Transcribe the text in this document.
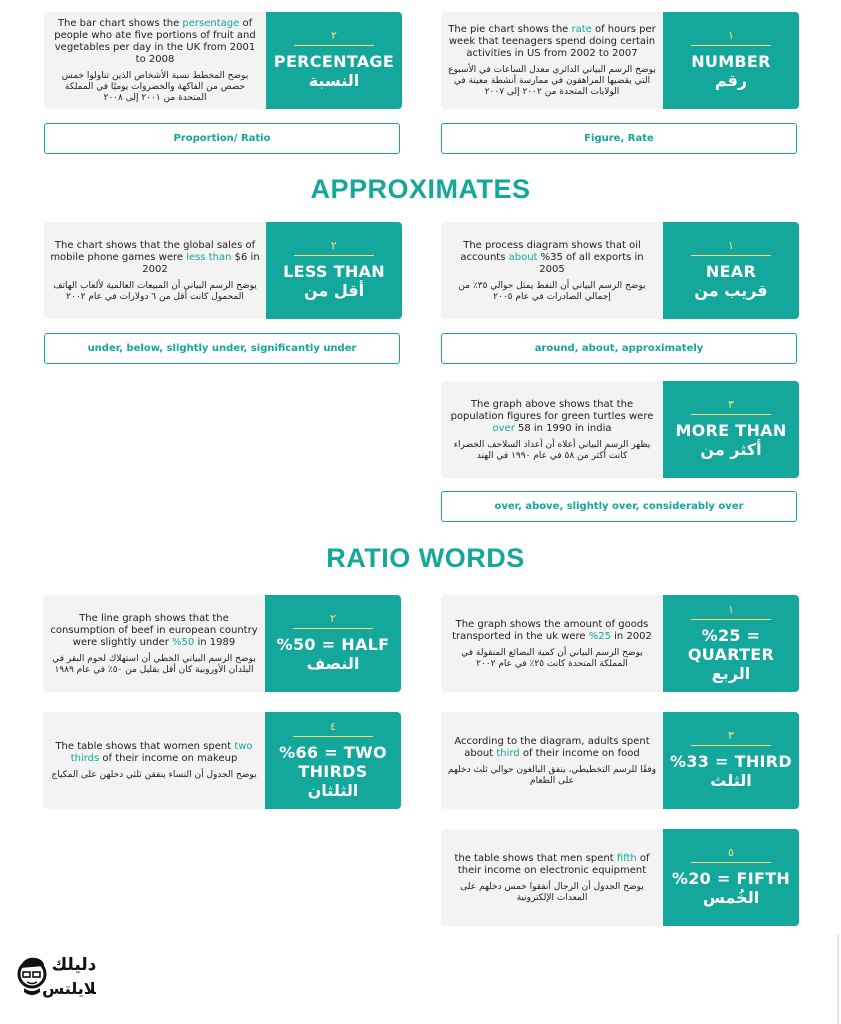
The pie chart shows the rate of hours per week that teenagers spend doing certain activities in US from 2002 to 2007
يوضح الرسم البياني الدائري معدل الساعات في الأسبوع التي يقضيها المراهقون في ممارسة أنشطة معينة في الولايات المتحدة من ٢٠٠٢ إلى ٢٠٠٧
١
NUMBER
رقم
The bar chart shows the persentage of people who ate five portions of fruit and vegetables per day in the UK from 2001 to 2008
يوضح المخطط نسبة الأشخاص الذين تناولوا خمس حصص من الفاكهة والخضروات يوميًا في المملكة المتحدة من ٢٠٠١ إلى ٢٠٠٨
٢
PERCENTAGE
النسبة
Figure, Rate
Proportion/ Ratio
APPROXIMATES
The process diagram shows that oil accounts about %35 of all exports in 2005
يوضح الرسم البياني أن النفط يمثل حوالي ٣٥٪ من إجمالي الصادرات في عام ٢٠٠٥
١
NEAR
قريب من
The chart shows that the global sales of mobile phone games were less than $6 in 2002
يوضح الرسم البياني أن المبيعات العالمية لألعاب الهاتف المحمول كانت أقل من ٦ دولارات في عام ٢٠٠٢
٢
LESS THAN
أقل من
around, about, approximately
under, below, slightly under, significantly under
The graph above shows that the population figures for green turtles were over 58 in 1990 in india
يظهر الرسم البياني أعلاه أن أعداد السلاحف الخضراء كانت أكثر من ٥٨ في عام ١٩٩٠ في الهند
٣
MORE THAN
أكثر من
over, above, slightly over, considerably over
RATIO WORDS
The graph shows the amount of goods transported in the uk were %25 in 2002
يوضح الرسم البياني أن كمية البضائع المنقولة في المملكة المتحدة كانت ٢٥٪ في عام ٢٠٠٢
١
%25 = QUARTER
الربع
The line graph shows that the consumption of beef in european country were slightly under %50 in 1989
يوضح الرسم البياني الخطي أن استهلاك لحوم البقر في البلدان الأوروبية كان أقل بقليل من ٥٠٪ في عام ١٩٨٩
٢
%50 = HALF
النصف
According to the diagram, adults spent about third of their income on food
وفقًا للرسم التخطيطي، ينفق البالغون حوالي ثلث دخلهم على الطعام
٣
%33 = THIRD
الثلث
The table shows that women spent two thirds of their income on makeup
يوضح الجدول أن النساء ينفقن ثلثي دخلهن على المكياج
٤
%66 = TWO THIRDS
الثلثان
the table shows that men spent fifth of their income on electronic equipment
يوضح الجدول أن الرجال أنفقوا خمس دخلهم على المعدات الإلكترونية
٥
%20 = FIFTH
الخُمس
دليلك
للايلتس
